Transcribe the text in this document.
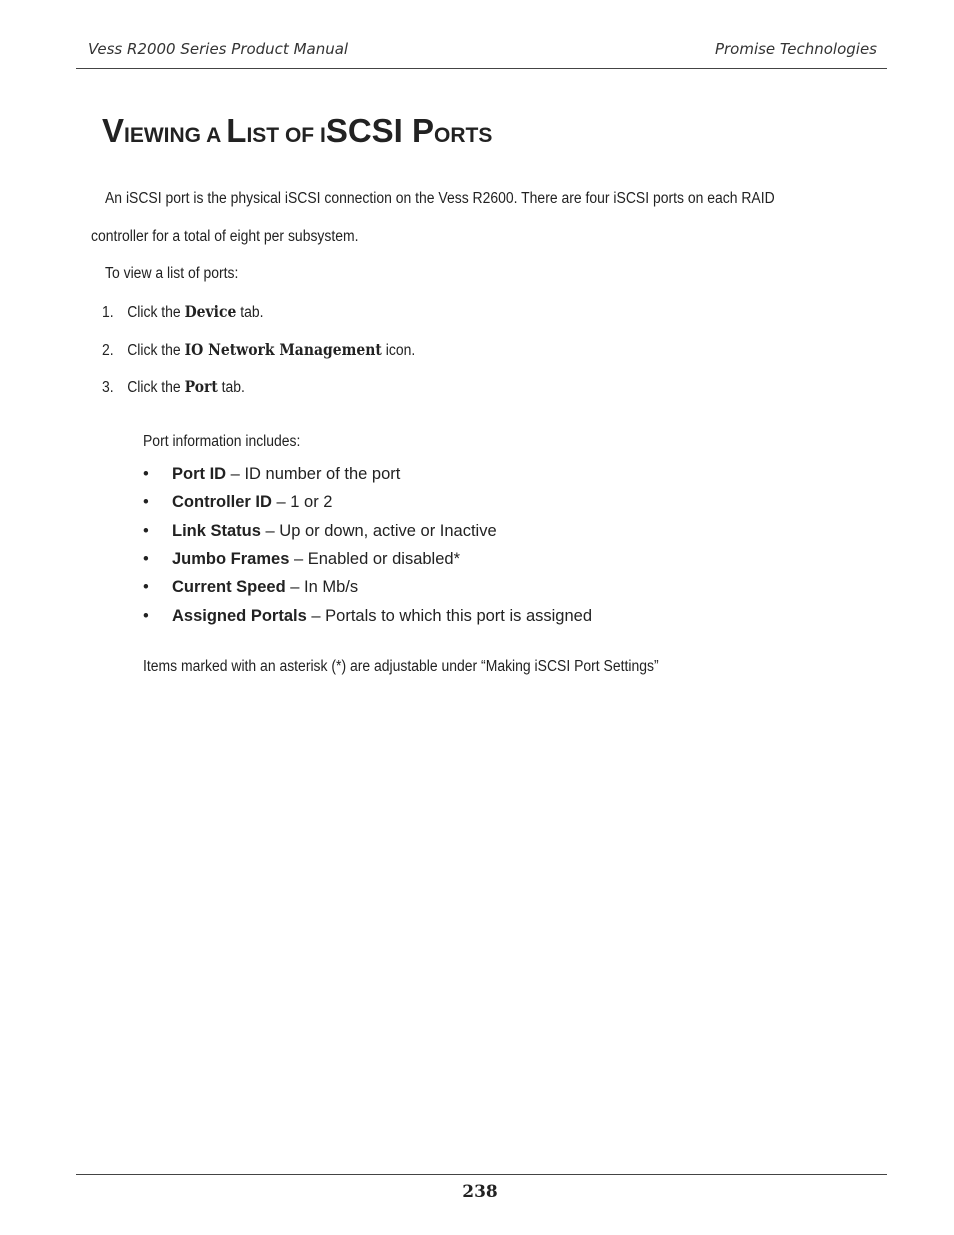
Vess R2000 Series Product Manual	Promise Technologies
VIEWING A LIST OF ISCSI PORTS
An iSCSI port is the physical iSCSI connection on the Vess R2600. There are four iSCSI ports on each RAID
controller for a total of eight per subsystem.
To view a list of ports:
1. Click the Device tab.
2. Click the IO Network Management icon.
3. Click the Port tab.
Port information includes:
• Port ID – ID number of the port
• Controller ID – 1 or 2
• Link Status – Up or down, active or Inactive
• Jumbo Frames – Enabled or disabled*
• Current Speed – In Mb/s
• Assigned Portals – Portals to which this port is assigned
Items marked with an asterisk (*) are adjustable under “Making iSCSI Port Settings”
238
